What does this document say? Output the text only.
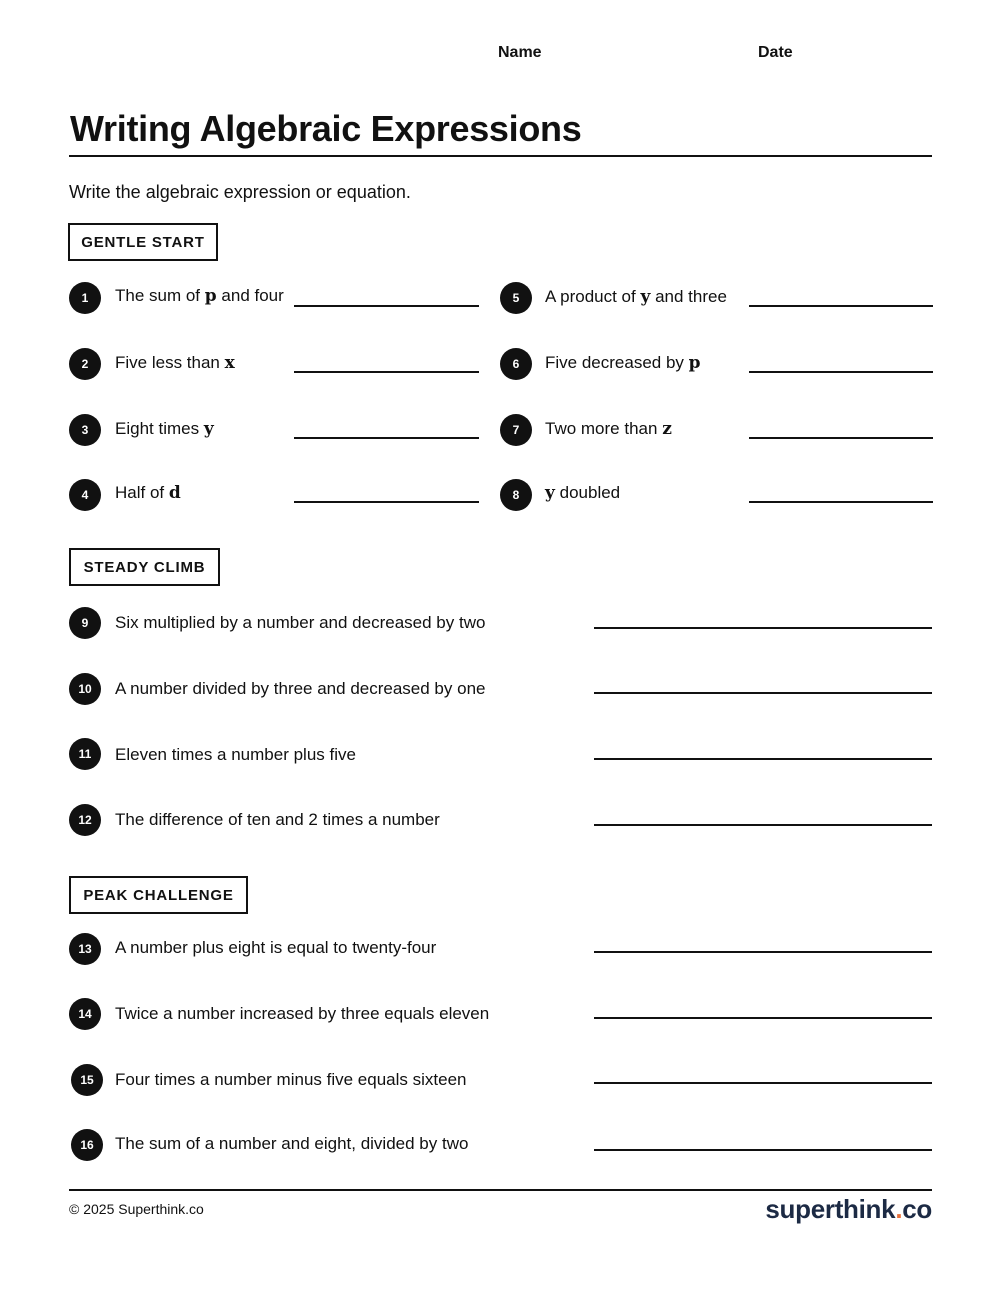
Name	Date
Writing Algebraic Expressions
Write the algebraic expression or equation.
GENTLE START
1	The sum of p and four
2	Five less than x
3	Eight times y
4	Half of d
5	A product of y and three
6	Five decreased by p
7	Two more than z
8	y doubled
STEADY CLIMB
9	Six multiplied by a number and decreased by two
10	A number divided by three and decreased by one
11	Eleven times a number plus five
12	The difference of ten and 2 times a number
PEAK CHALLENGE
13	A number plus eight is equal to twenty-four
14	Twice a number increased by three equals eleven
15	Four times a number minus five equals sixteen
16	The sum of a number and eight, divided by two
© 2025 Superthink.co	superthink.co
